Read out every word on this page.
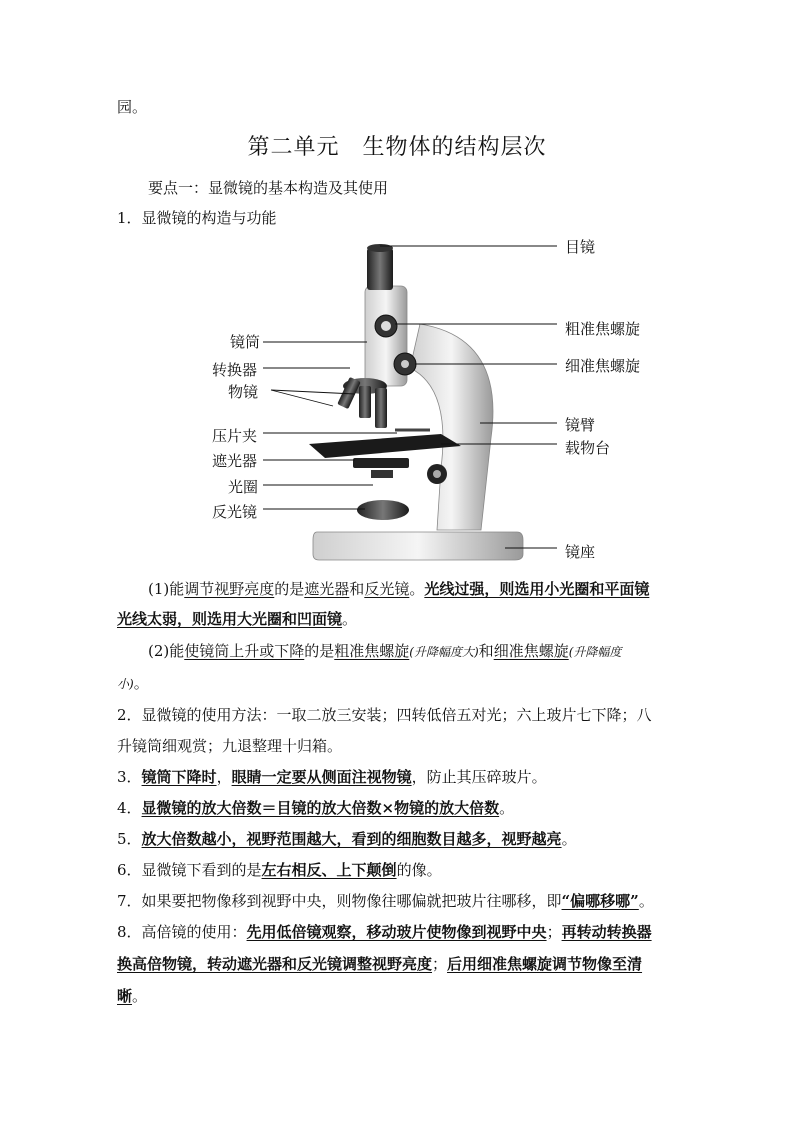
园。
第二单元　生物体的结构层次
要点一：显微镜的基本构造及其使用
1．显微镜的构造与功能
目镜
粗准焦螺旋
细准焦螺旋
镜臂
载物台
镜座
镜筒
转换器
物镜
压片夹
遮光器
光圈
反光镜
(1)能调节视野亮度的是遮光器和反光镜。光线过强，则选用小光圈和平面镜
光线太弱，则选用大光圈和凹面镜。
(2)能使镜筒上升或下降的是粗准焦螺旋(升降幅度大)和细准焦螺旋(升降幅度
小)。
2．显微镜的使用方法：一取二放三安装；四转低倍五对光；六上玻片七下降；八
升镜筒细观赏；九退整理十归箱。
3．镜筒下降时，眼睛一定要从侧面注视物镜，防止其压碎玻片。
4．显微镜的放大倍数＝目镜的放大倍数×物镜的放大倍数。
5．放大倍数越小，视野范围越大，看到的细胞数目越多，视野越亮。
6．显微镜下看到的是左右相反、上下颠倒的像。
7．如果要把物像移到视野中央，则物像往哪偏就把玻片往哪移，即“偏哪移哪”。
8．高倍镜的使用：先用低倍镜观察，移动玻片使物像到视野中央；再转动转换器
换高倍物镜，转动遮光器和反光镜调整视野亮度；后用细准焦螺旋调节物像至清
晰。
